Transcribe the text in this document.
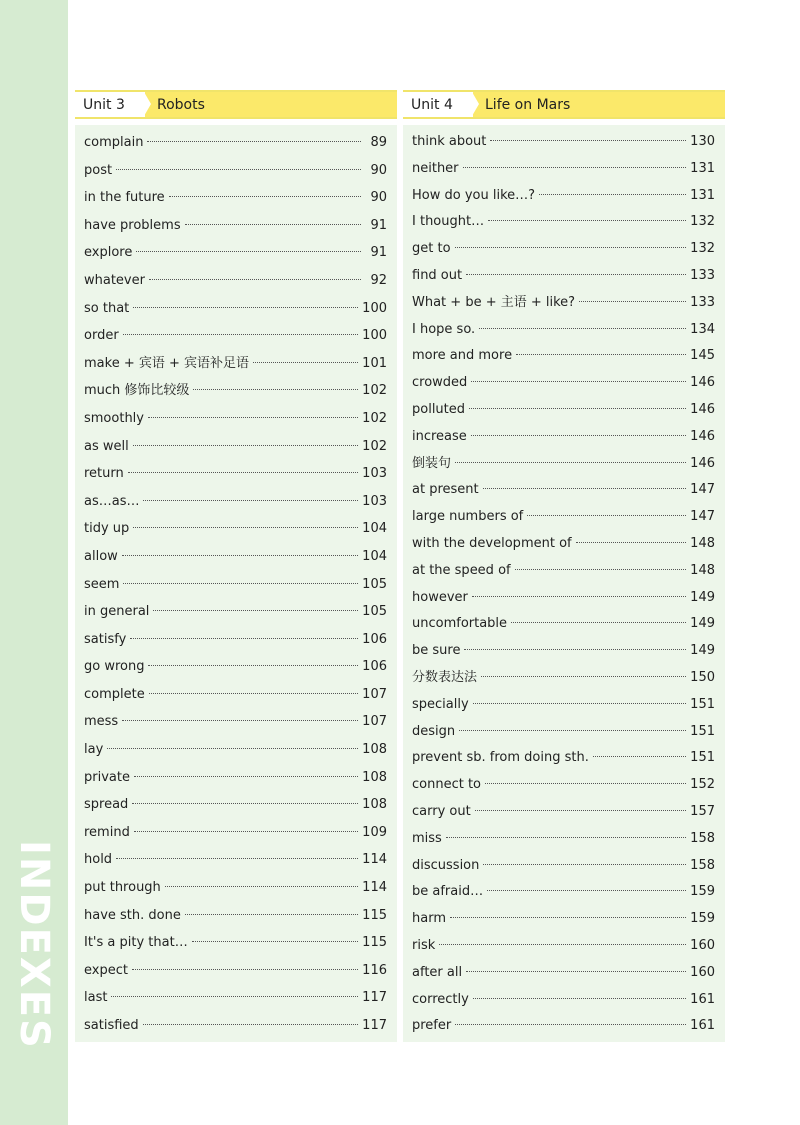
INDEXES
Unit 3	Robots
complain	89
post	90
in the future	90
have problems	91
explore	91
whatever	92
so that	100
order	100
make + 宾语 + 宾语补足语	101
much 修饰比较级	102
smoothly	102
as well	102
return	103
as…as…	103
tidy up	104
allow	104
seem	105
in general	105
satisfy	106
go wrong	106
complete	107
mess	107
lay	108
private	108
spread	108
remind	109
hold	114
put through	114
have sth. done	115
It's a pity that…	115
expect	116
last	117
satisfied	117
Unit 4	Life on Mars
think about	130
neither	131
How do you like…?	131
I thought…	132
get to	132
find out	133
What + be + 主语 + like?	133
I hope so.	134
more and more	145
crowded	146
polluted	146
increase	146
倒装句	146
at present	147
large numbers of	147
with the development of	148
at the speed of	148
however	149
uncomfortable	149
be sure	149
分数表达法	150
specially	151
design	151
prevent sb. from doing sth.	151
connect to	152
carry out	157
miss	158
discussion	158
be afraid…	159
harm	159
risk	160
after all	160
correctly	161
prefer	161
